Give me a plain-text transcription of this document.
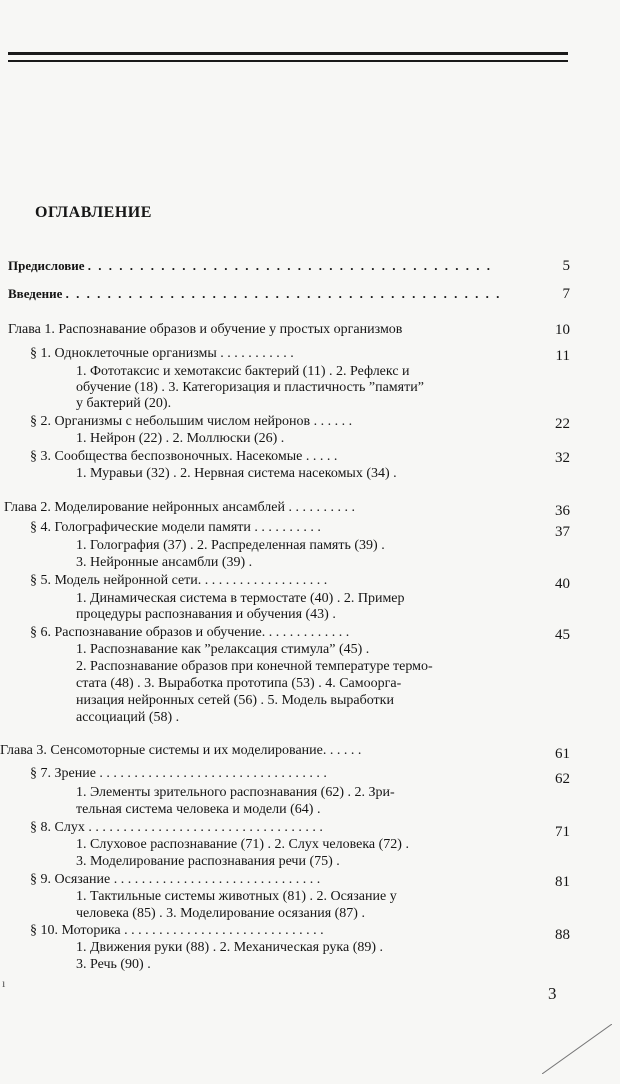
ОГЛАВЛЕНИЕ
Предисловие . . . . . . . . . . . . . . . . . . . . . . . . . . . . . . . . . . . . . . .	5
Введение . . . . . . . . . . . . . . . . . . . . . . . . . . . . . . . . . . . . . . . . . .	7
Глава 1. Распознавание образов и обучение у простых организмов	10
§ 1. Одноклеточные организмы . . . . . . . . . . .	11
1. Фототаксис и хемотаксис бактерий (11) . 2. Рефлекс и
обучение (18) . 3. Категоризация и пластичность ”памяти”
у бактерий (20).
§ 2. Организмы с небольшим числом нейронов . . . . . .	22
1. Нейрон (22) . 2. Моллюски (26) .
§ 3. Сообщества беспозвоночных. Насекомые . . . . .	32
1. Муравьи (32) . 2. Нервная система насекомых (34) .
Глава 2. Моделирование нейронных ансамблей . . . . . . . . . .	36
§ 4. Голографические модели памяти . . . . . . . . . .	37
1. Голография (37) . 2. Распределенная память (39) .
3. Нейронные ансамбли (39) .
§ 5. Модель нейронной сети. . . . . . . . . . . . . . . . . . .	40
1. Динамическая система в термостате (40) . 2. Пример
процедуры распознавания и обучения (43) .
§ 6. Распознавание образов и обучение. . . . . . . . . . . . .	45
1. Распознавание как ”релаксация стимула” (45) .
2. Распознавание образов при конечной температуре термо-
стата (48) . 3. Выработка прототипа (53) . 4. Самоорга-
низация нейронных сетей (56) . 5. Модель выработки
ассоциаций (58) .
Глава 3. Сенсомоторные системы и их моделирование. . . . . .	61
§ 7. Зрение . . . . . . . . . . . . . . . . . . . . . . . . . . . . . . . . .	62
1. Элементы зрительного распознавания (62) . 2. Зри-
тельная система человека и модели (64) .
§ 8. Слух . . . . . . . . . . . . . . . . . . . . . . . . . . . . . . . . . .	71
1. Слуховое распознавание (71) . 2. Слух человека (72) .
3. Моделирование распознавания речи (75) .
§ 9. Осязание . . . . . . . . . . . . . . . . . . . . . . . . . . . . . .	81
1. Тактильные системы животных (81) . 2. Осязание у
человека (85) . 3. Моделирование осязания (87) .
§ 10. Моторика . . . . . . . . . . . . . . . . . . . . . . . . . . . . .	88
1. Движения руки (88) . 2. Механическая рука (89) .
3. Речь (90) .
ı
3
